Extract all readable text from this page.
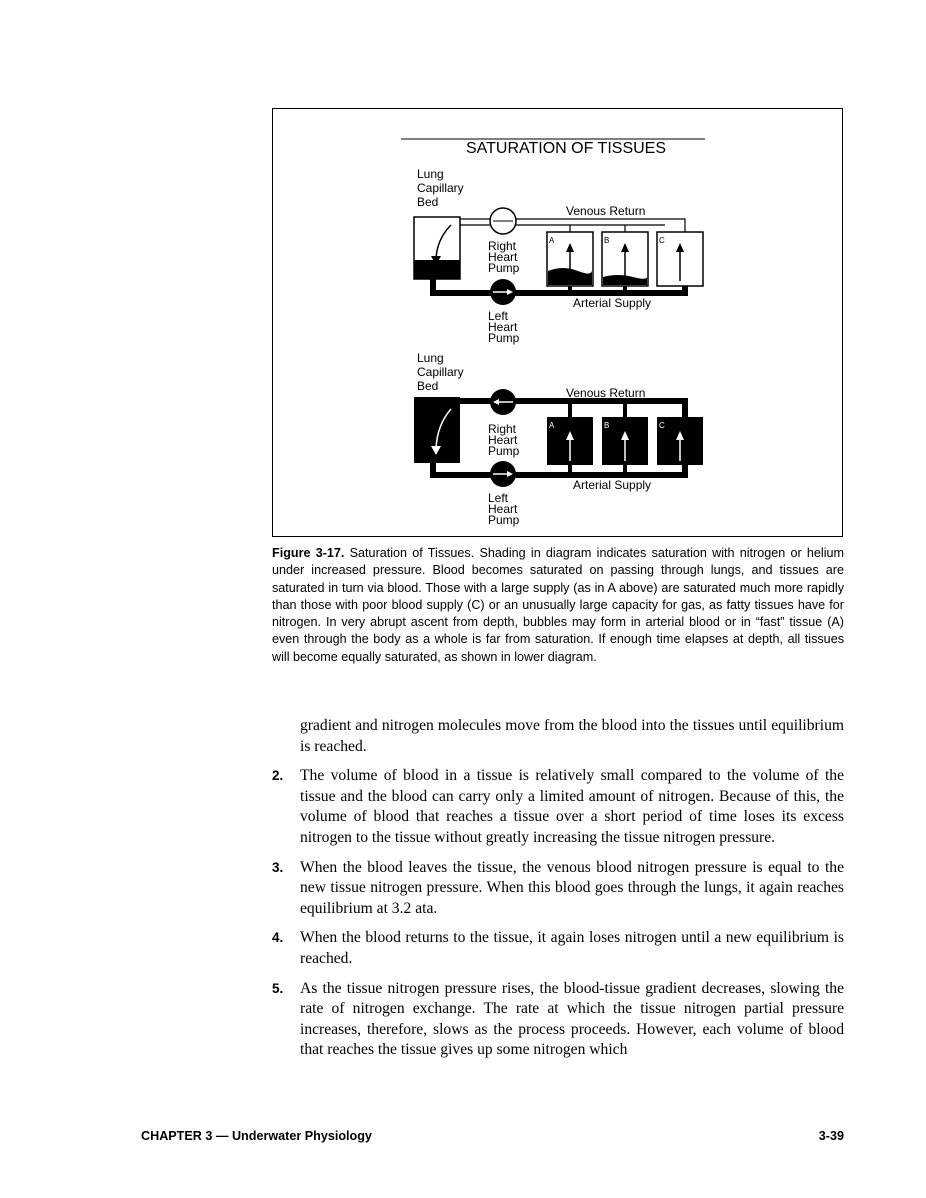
SATURATION OF TISSUES
Lung
Capillary
Bed
Venous Return
A	B	C
Arterial Supply
Right
Heart
Pump
Left
Heart
Pump
Lung
Capillary
Bed	Venous Return
A	B	C
Arterial Supply
Right
Heart
Pump
Left
Heart
Pump
Figure 3-17. Saturation of Tissues. Shading in diagram indicates saturation with nitrogen or helium under increased pressure. Blood becomes saturated on passing through lungs, and tissues are saturated in turn via blood. Those with a large supply (as in A above) are saturated much more rapidly than those with poor blood supply (C) or an unusually large capacity for gas, as fatty tissues have for nitrogen. In very abrupt ascent from depth, bubbles may form in arterial blood or in “fast” tissue (A) even through the body as a whole is far from saturation. If enough time elapses at depth, all tissues will become equally saturated, as shown in lower diagram.
gradient and nitrogen molecules move from the blood into the tissues until equilibrium is reached.
2. The volume of blood in a tissue is relatively small compared to the volume of the tissue and the blood can carry only a limited amount of nitrogen. Because of this, the volume of blood that reaches a tissue over a short period of time loses its excess nitrogen to the tissue without greatly increasing the tissue nitrogen pressure.
3. When the blood leaves the tissue, the venous blood nitrogen pressure is equal to the new tissue nitrogen pressure. When this blood goes through the lungs, it again reaches equilibrium at 3.2 ata.
4. When the blood returns to the tissue, it again loses nitrogen until a new equilibrium is reached.
5. As the tissue nitrogen pressure rises, the blood-tissue gradient decreases, slowing the rate of nitrogen exchange. The rate at which the tissue nitrogen partial pressure increases, therefore, slows as the process proceeds. However, each volume of blood that reaches the tissue gives up some nitrogen which
CHAPTER 3 — Underwater Physiology	3-39
